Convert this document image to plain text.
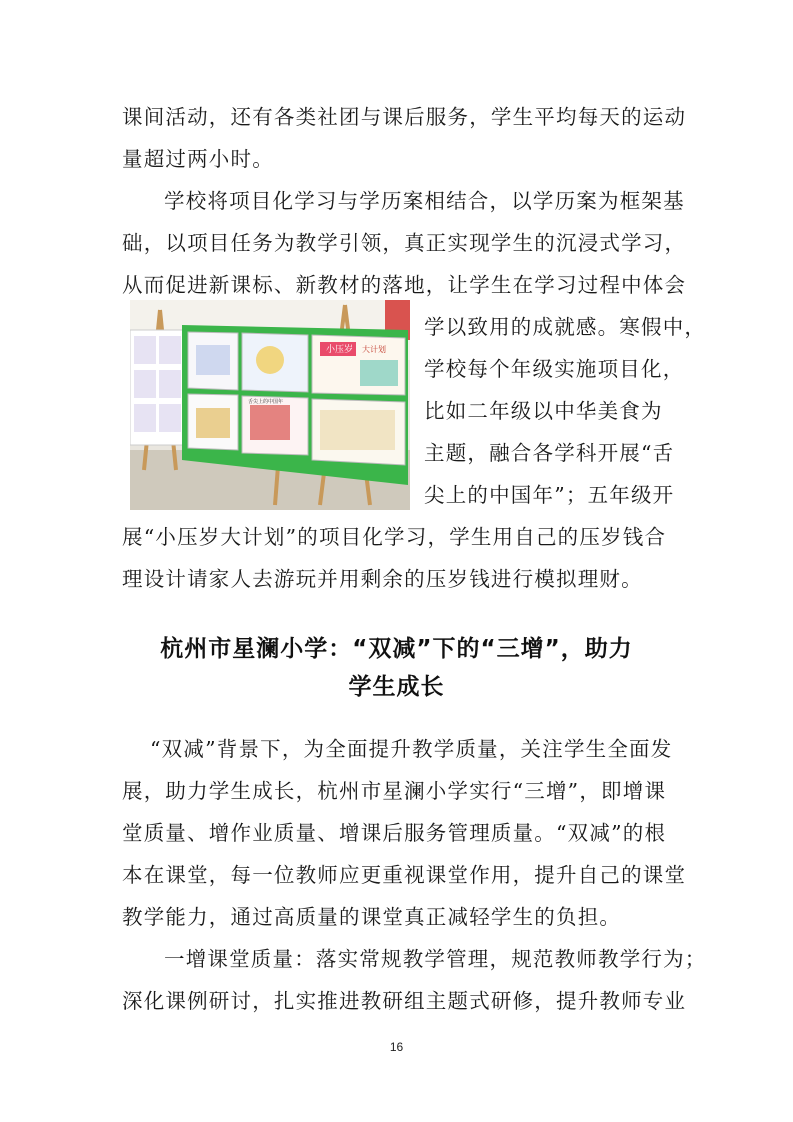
课间活动，还有各类社团与课后服务，学生平均每天的运动
量超过两小时。
学校将项目化学习与学历案相结合，以学历案为框架基
础，以项目任务为教学引领，真正实现学生的沉浸式学习，
从而促进新课标、新教材的落地，让学生在学习过程中体会
学以致用的成就感。寒假中，
学校每个年级实施项目化，
比如二年级以中华美食为
主题，融合各学科开展“舌
尖上的中国年”；五年级开
展“小压岁大计划”的项目化学习，学生用自己的压岁钱合
理设计请家人去游玩并用剩余的压岁钱进行模拟理财。
小压岁 大计划
舌尖上的中国年
杭州市星澜小学：“双减”下的“三增”，助力
学生成长
“双减”背景下，为全面提升教学质量，关注学生全面发
展，助力学生成长，杭州市星澜小学实行“三增”，即增课
堂质量、增作业质量、增课后服务管理质量。“双减”的根
本在课堂，每一位教师应更重视课堂作用，提升自己的课堂
教学能力，通过高质量的课堂真正减轻学生的负担。
一增课堂质量：落实常规教学管理，规范教师教学行为；
深化课例研讨，扎实推进教研组主题式研修，提升教师专业
16
